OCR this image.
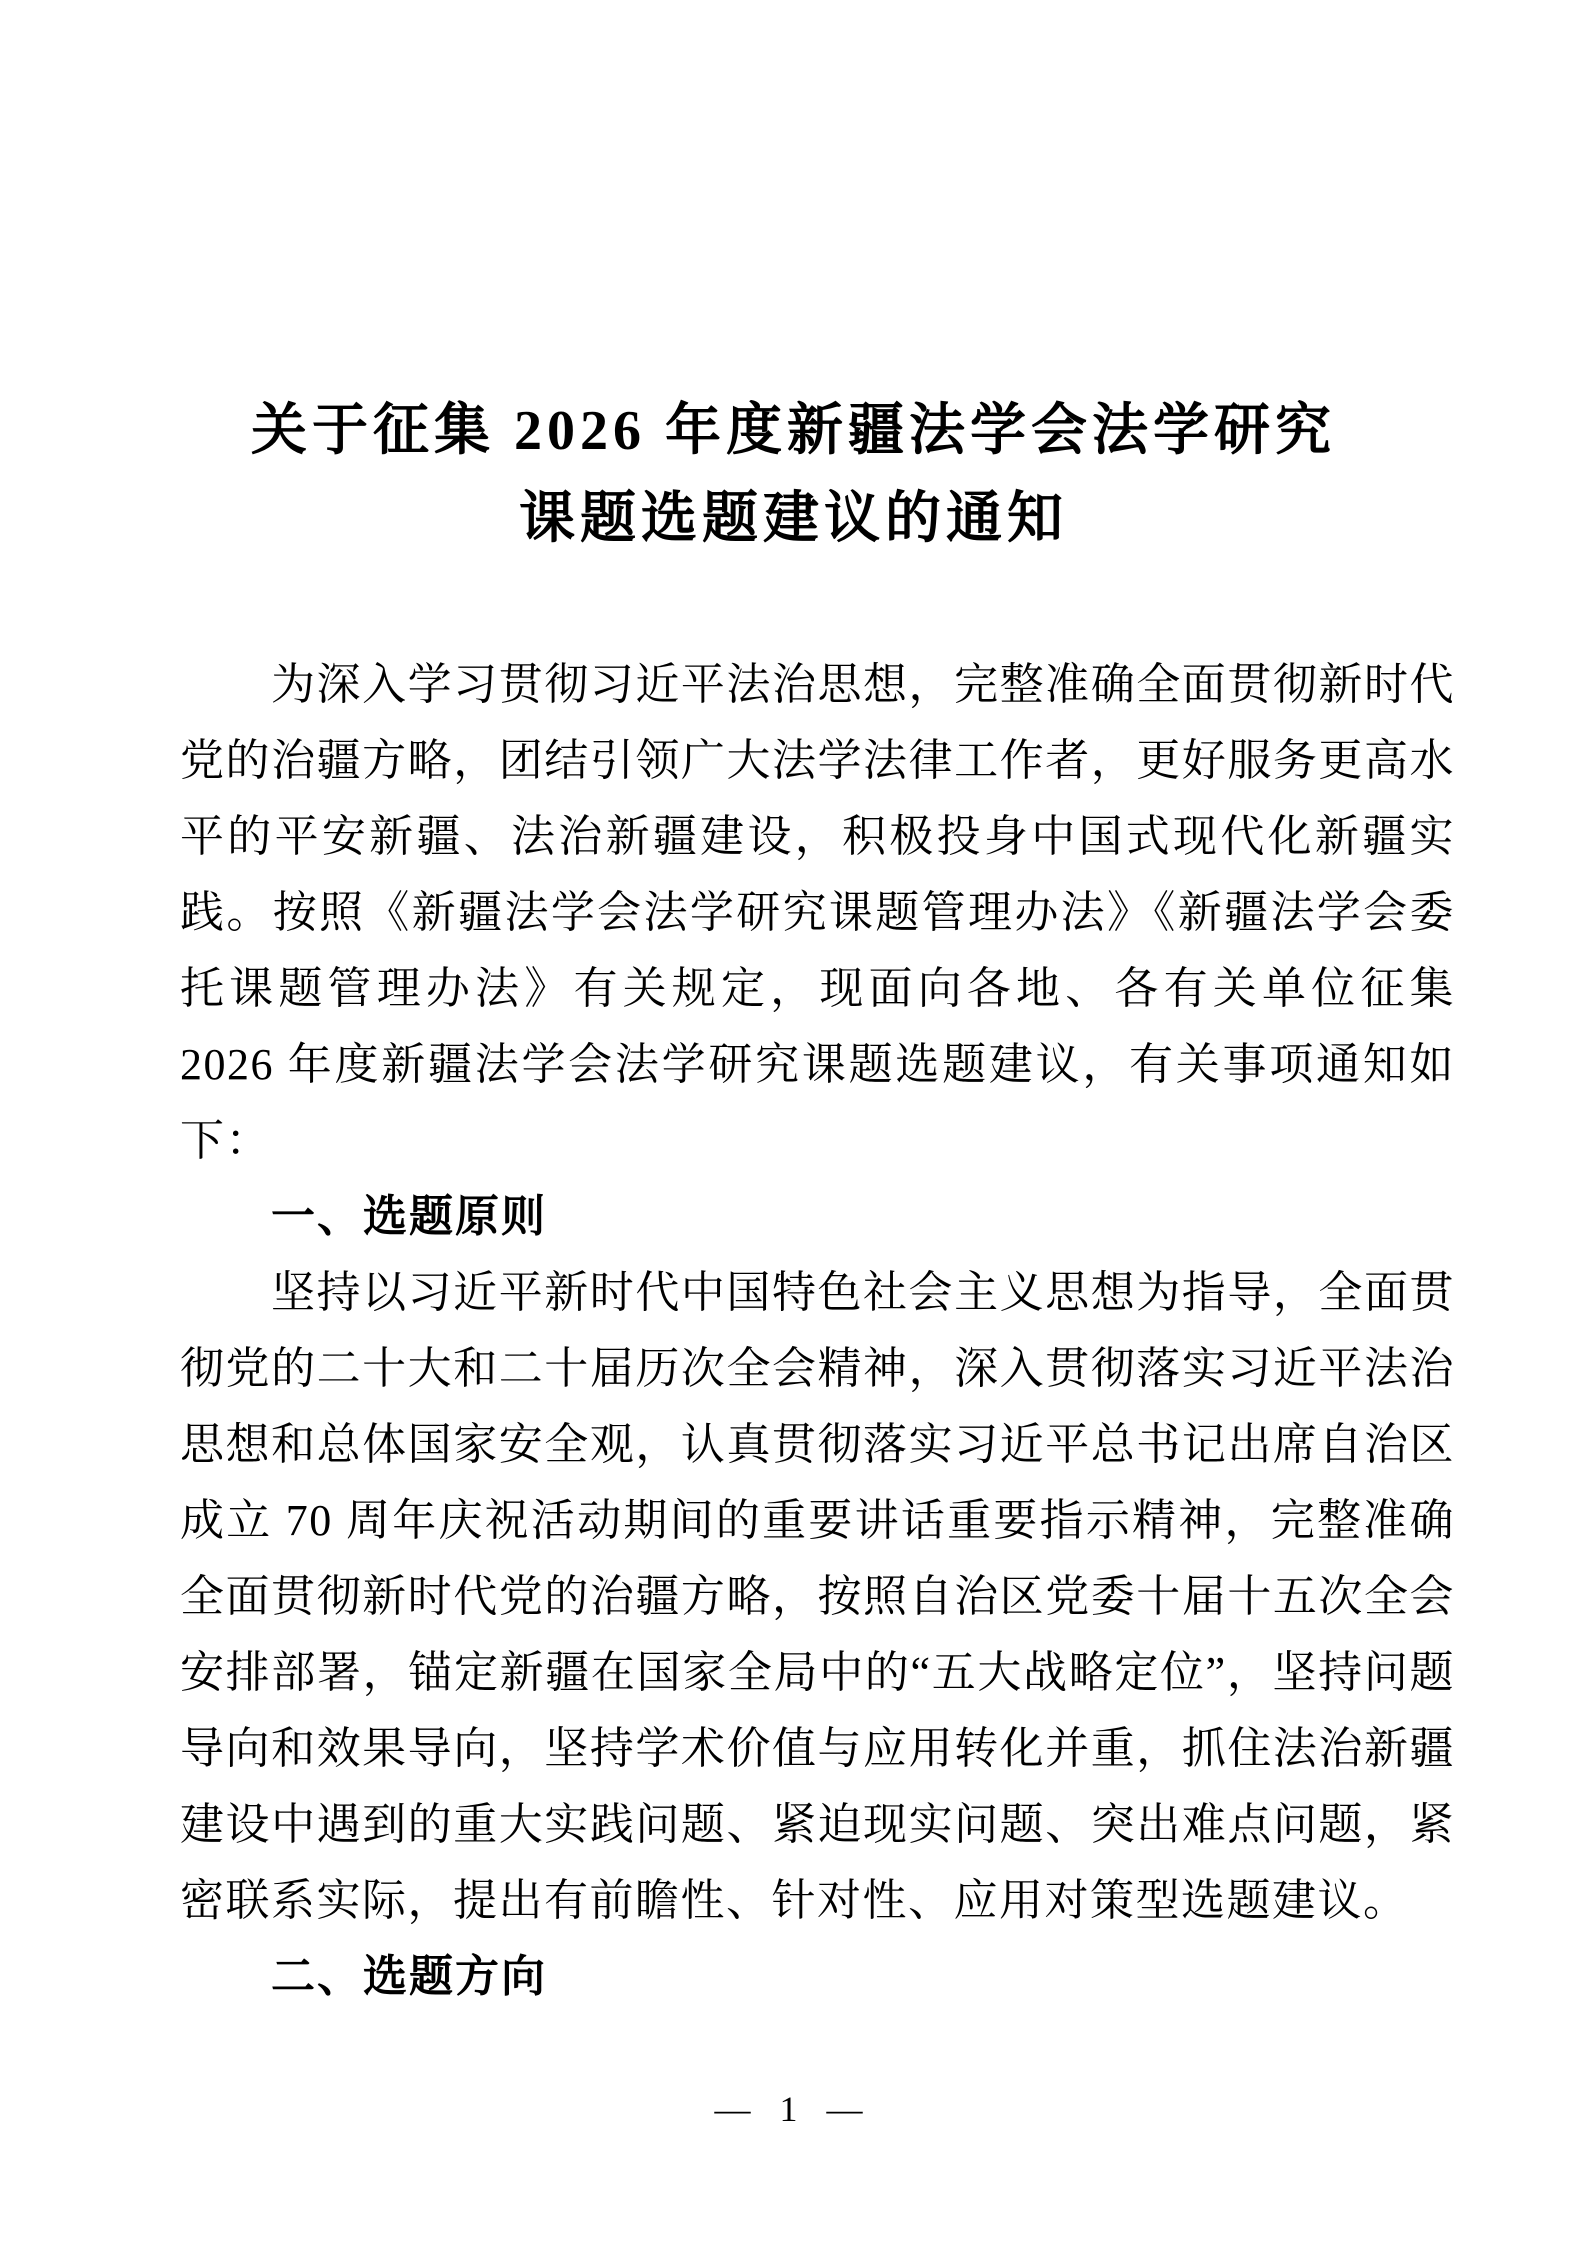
关于征集 2026 年度新疆法学会法学研究
课题选题建议的通知

为深入学习贯彻习近平法治思想，完整准确全面贯彻新时代党的治疆方略，团结引领广大法学法律工作者，更好服务更高水平的平安新疆、法治新疆建设，积极投身中国式现代化新疆实践。按照《新疆法学会法学研究课题管理办法》《新疆法学会委托课题管理办法》有关规定，现面向各地、各有关单位征集 2026 年度新疆法学会法学研究课题选题建议，有关事项通知如下：

一、选题原则

坚持以习近平新时代中国特色社会主义思想为指导，全面贯彻党的二十大和二十届历次全会精神，深入贯彻落实习近平法治思想和总体国家安全观，认真贯彻落实习近平总书记出席自治区成立 70 周年庆祝活动期间的重要讲话重要指示精神，完整准确全面贯彻新时代党的治疆方略，按照自治区党委十届十五次全会安排部署，锚定新疆在国家全局中的“五大战略定位”，坚持问题导向和效果导向，坚持学术价值与应用转化并重，抓住法治新疆建设中遇到的重大实践问题、紧迫现实问题、突出难点问题，紧密联系实际，提出有前瞻性、针对性、应用对策型选题建议。

二、选题方向
— 1 —
